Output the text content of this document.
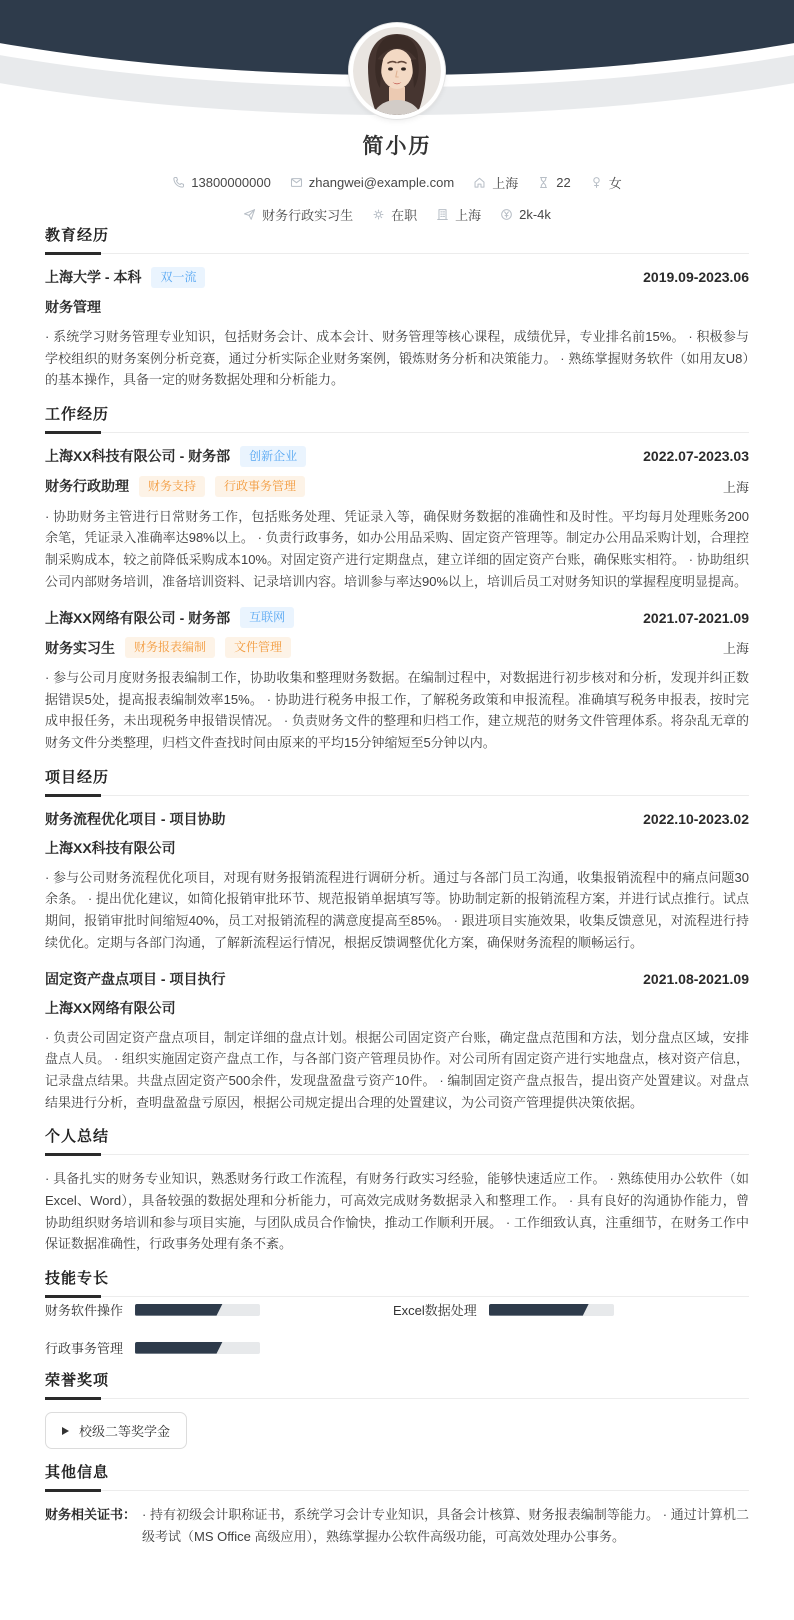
简小历
13800000000	zhangwei@example.com	上海	22	女
财务行政实习生	在职	上海	2k-4k
教育经历
上海大学 - 本科	双一流	2019.09-2023.06
财务管理

· 系统学习财务管理专业知识，包括财务会计、成本会计、财务管理等核心课程，成绩优异，专业排名前15%。 · 积极参与学校组织的财务案例分析竞赛，通过分析实际企业财务案例，锻炼财务分析和决策能力。 · 熟练掌握财务软件（如用友U8）的基本操作，具备一定的财务数据处理和分析能力。

工作经历
上海XX科技有限公司 - 财务部	创新企业	2022.07-2023.03
财务行政助理	财务支持	行政事务管理	上海

· 协助财务主管进行日常财务工作，包括账务处理、凭证录入等，确保财务数据的准确性和及时性。平均每月处理账务200余笔，凭证录入准确率达98%以上。 · 负责行政事务，如办公用品采购、固定资产管理等。制定办公用品采购计划，合理控制采购成本，较之前降低采购成本10%。对固定资产进行定期盘点，建立详细的固定资产台账，确保账实相符。 · 协助组织公司内部财务培训，准备培训资料、记录培训内容。培训参与率达90%以上，培训后员工对财务知识的掌握程度明显提高。

上海XX网络有限公司 - 财务部	互联网	2021.07-2021.09
财务实习生	财务报表编制	文件管理	上海

· 参与公司月度财务报表编制工作，协助收集和整理财务数据。在编制过程中，对数据进行初步核对和分析，发现并纠正数据错误5处，提高报表编制效率15%。 · 协助进行税务申报工作，了解税务政策和申报流程。准确填写税务申报表，按时完成申报任务，未出现税务申报错误情况。 · 负责财务文件的整理和归档工作，建立规范的财务文件管理体系。将杂乱无章的财务文件分类整理，归档文件查找时间由原来的平均15分钟缩短至5分钟以内。

项目经历
财务流程优化项目 - 项目协助	2022.10-2023.02
上海XX科技有限公司

· 参与公司财务流程优化项目，对现有财务报销流程进行调研分析。通过与各部门员工沟通，收集报销流程中的痛点问题30余条。 · 提出优化建议，如简化报销审批环节、规范报销单据填写等。协助制定新的报销流程方案，并进行试点推行。试点期间，报销审批时间缩短40%，员工对报销流程的满意度提高至85%。 · 跟进项目实施效果，收集反馈意见，对流程进行持续优化。定期与各部门沟通，了解新流程运行情况，根据反馈调整优化方案，确保财务流程的顺畅运行。

固定资产盘点项目 - 项目执行	2021.08-2021.09
上海XX网络有限公司

· 负责公司固定资产盘点项目，制定详细的盘点计划。根据公司固定资产台账，确定盘点范围和方法，划分盘点区域，安排盘点人员。 · 组织实施固定资产盘点工作，与各部门资产管理员协作。对公司所有固定资产进行实地盘点，核对资产信息，记录盘点结果。共盘点固定资产500余件，发现盘盈盘亏资产10件。 · 编制固定资产盘点报告，提出资产处置建议。对盘点结果进行分析，查明盘盈盘亏原因，根据公司规定提出合理的处置建议，为公司资产管理提供决策依据。

个人总结

· 具备扎实的财务专业知识，熟悉财务行政工作流程，有财务行政实习经验，能够快速适应工作。 · 熟练使用办公软件（如Excel、Word），具备较强的数据处理和分析能力，可高效完成财务数据录入和整理工作。 · 具有良好的沟通协作能力，曾协助组织财务培训和参与项目实施，与团队成员合作愉快，推动工作顺利开展。 · 工作细致认真，注重细节，在财务工作中保证数据准确性，行政事务处理有条不紊。

技能专长
财务软件操作	Excel数据处理
行政事务管理
荣誉奖项
校级二等奖学金
其他信息
财务相关证书： · 持有初级会计职称证书，系统学习会计专业知识，具备会计核算、财务报表编制等能力。 · 通过计算机二级考试（MS Office 高级应用），熟练掌握办公软件高级功能，可高效处理办公事务。
